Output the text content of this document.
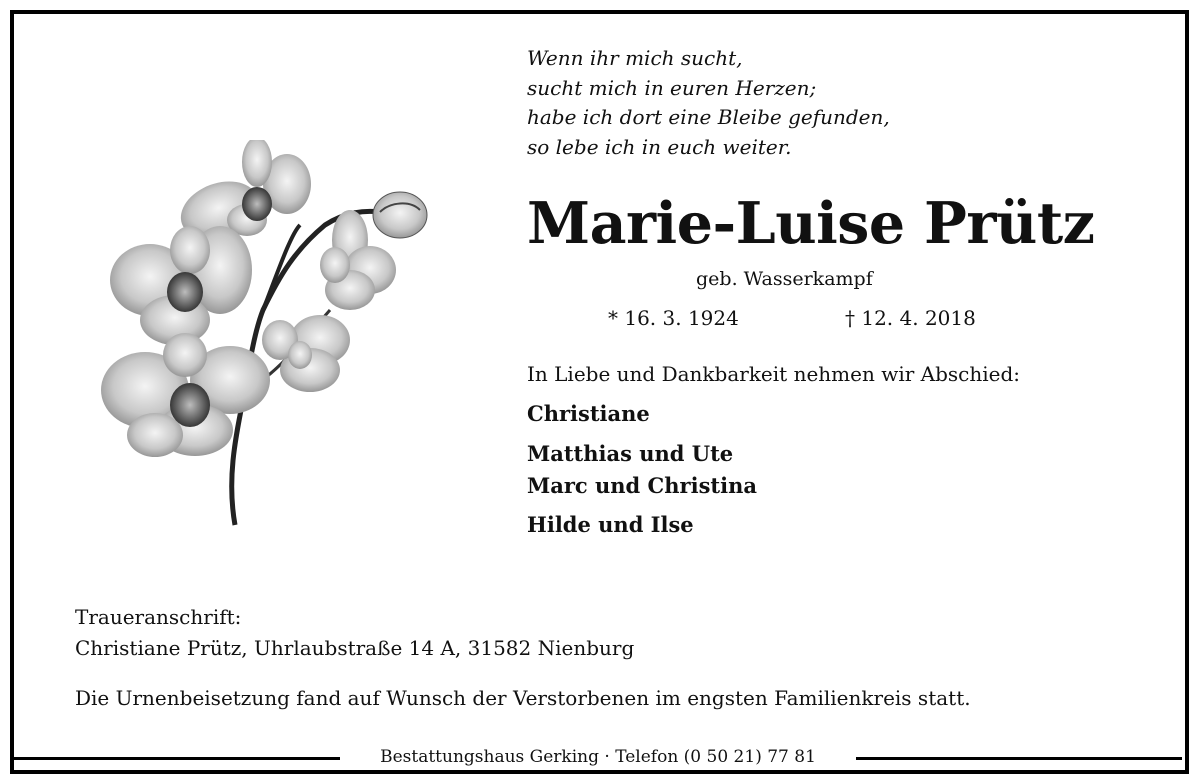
Wenn ihr mich sucht,
sucht mich in euren Herzen;
habe ich dort eine Bleibe gefunden,
so lebe ich in euch weiter.
Marie-Luise Prütz
geb. Wasserkampf
* 16. 3. 1924	† 12. 4. 2018
In Liebe und Dankbarkeit nehmen wir Abschied:
Christiane
Matthias und Ute
Marc und Christina
Hilde und Ilse
Traueranschrift:
Christiane Prütz, Uhrlaubstraße 14 A, 31582 Nienburg
Die Urnenbeisetzung fand auf Wunsch der Verstorbenen im engsten Familienkreis statt.
Bestattungshaus Gerking · Telefon (0 50 21) 77 81
